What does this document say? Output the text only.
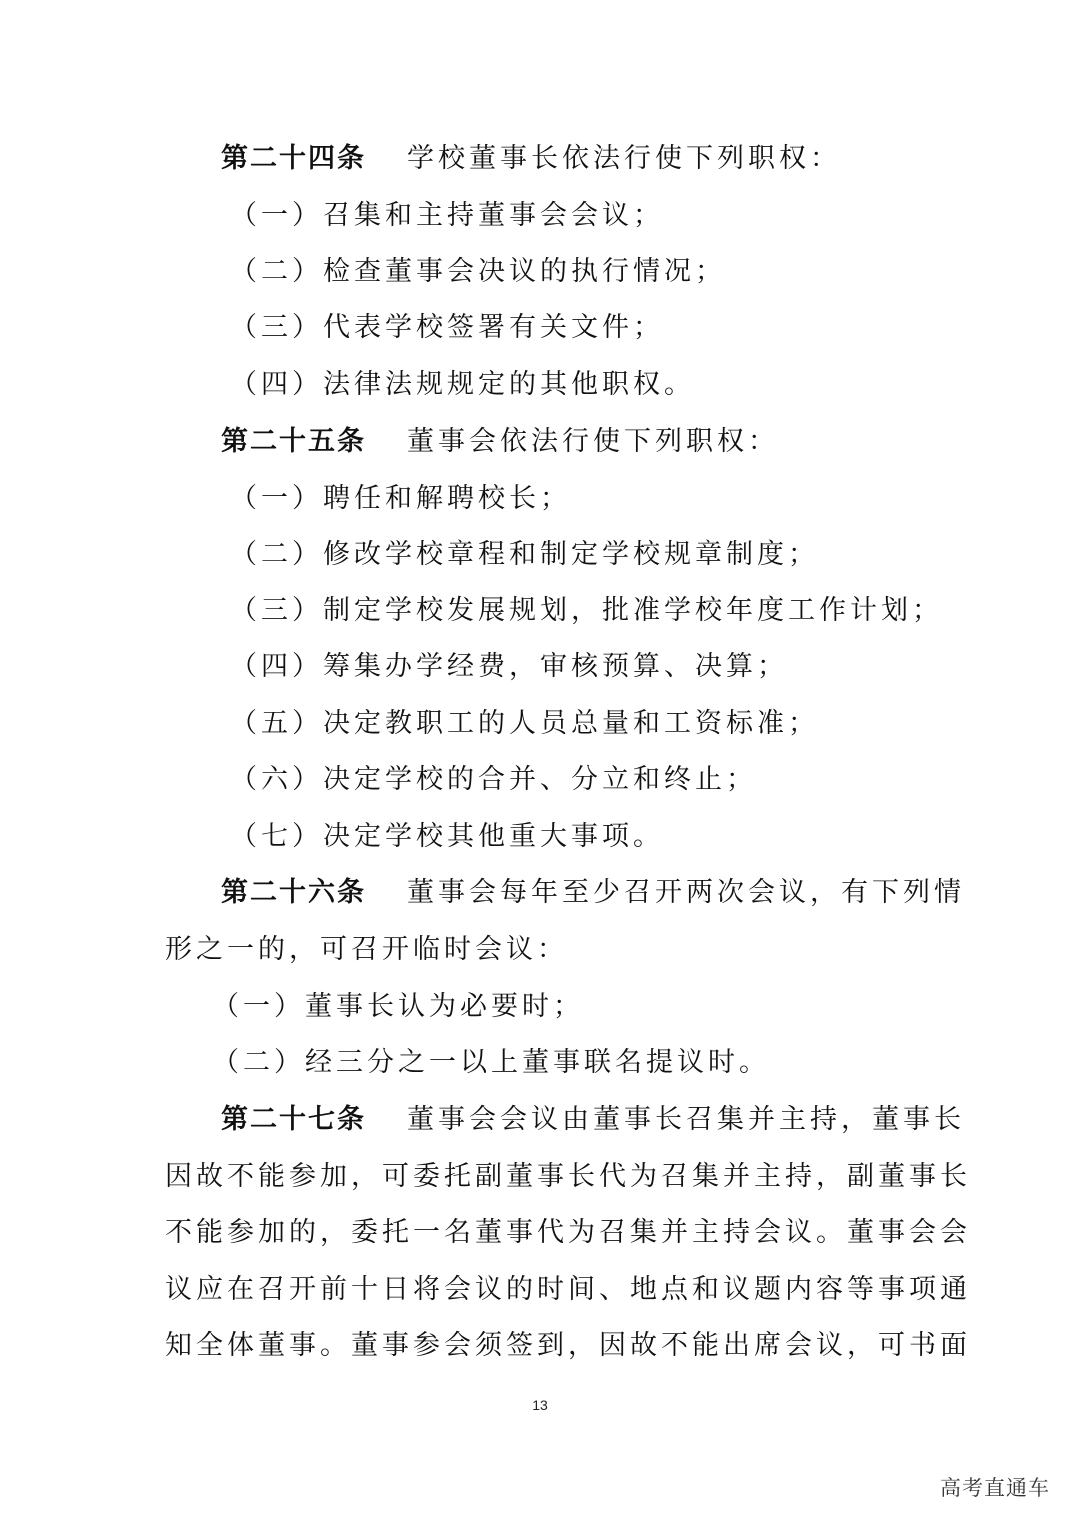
第二十四条 学校董事长依法行使下列职权：
（一）召集和主持董事会会议；
（二）检查董事会决议的执行情况；
（三）代表学校签署有关文件；
（四）法律法规规定的其他职权。
第二十五条 董事会依法行使下列职权：
（一）聘任和解聘校长；
（二）修改学校章程和制定学校规章制度；
（三）制定学校发展规划，批准学校年度工作计划；
（四）筹集办学经费，审核预算、决算；
（五）决定教职工的人员总量和工资标准；
（六）决定学校的合并、分立和终止；
（七）决定学校其他重大事项。
第二十六条 董事会每年至少召开两次会议，有下列情
形之一的，可召开临时会议：
（一）董事长认为必要时；
（二）经三分之一以上董事联名提议时。
第二十七条 董事会会议由董事长召集并主持，董事长
因故不能参加，可委托副董事长代为召集并主持，副董事长
不能参加的，委托一名董事代为召集并主持会议。董事会会
议应在召开前十日将会议的时间、地点和议题内容等事项通
知全体董事。董事参会须签到，因故不能出席会议，可书面
13
高考直通车
